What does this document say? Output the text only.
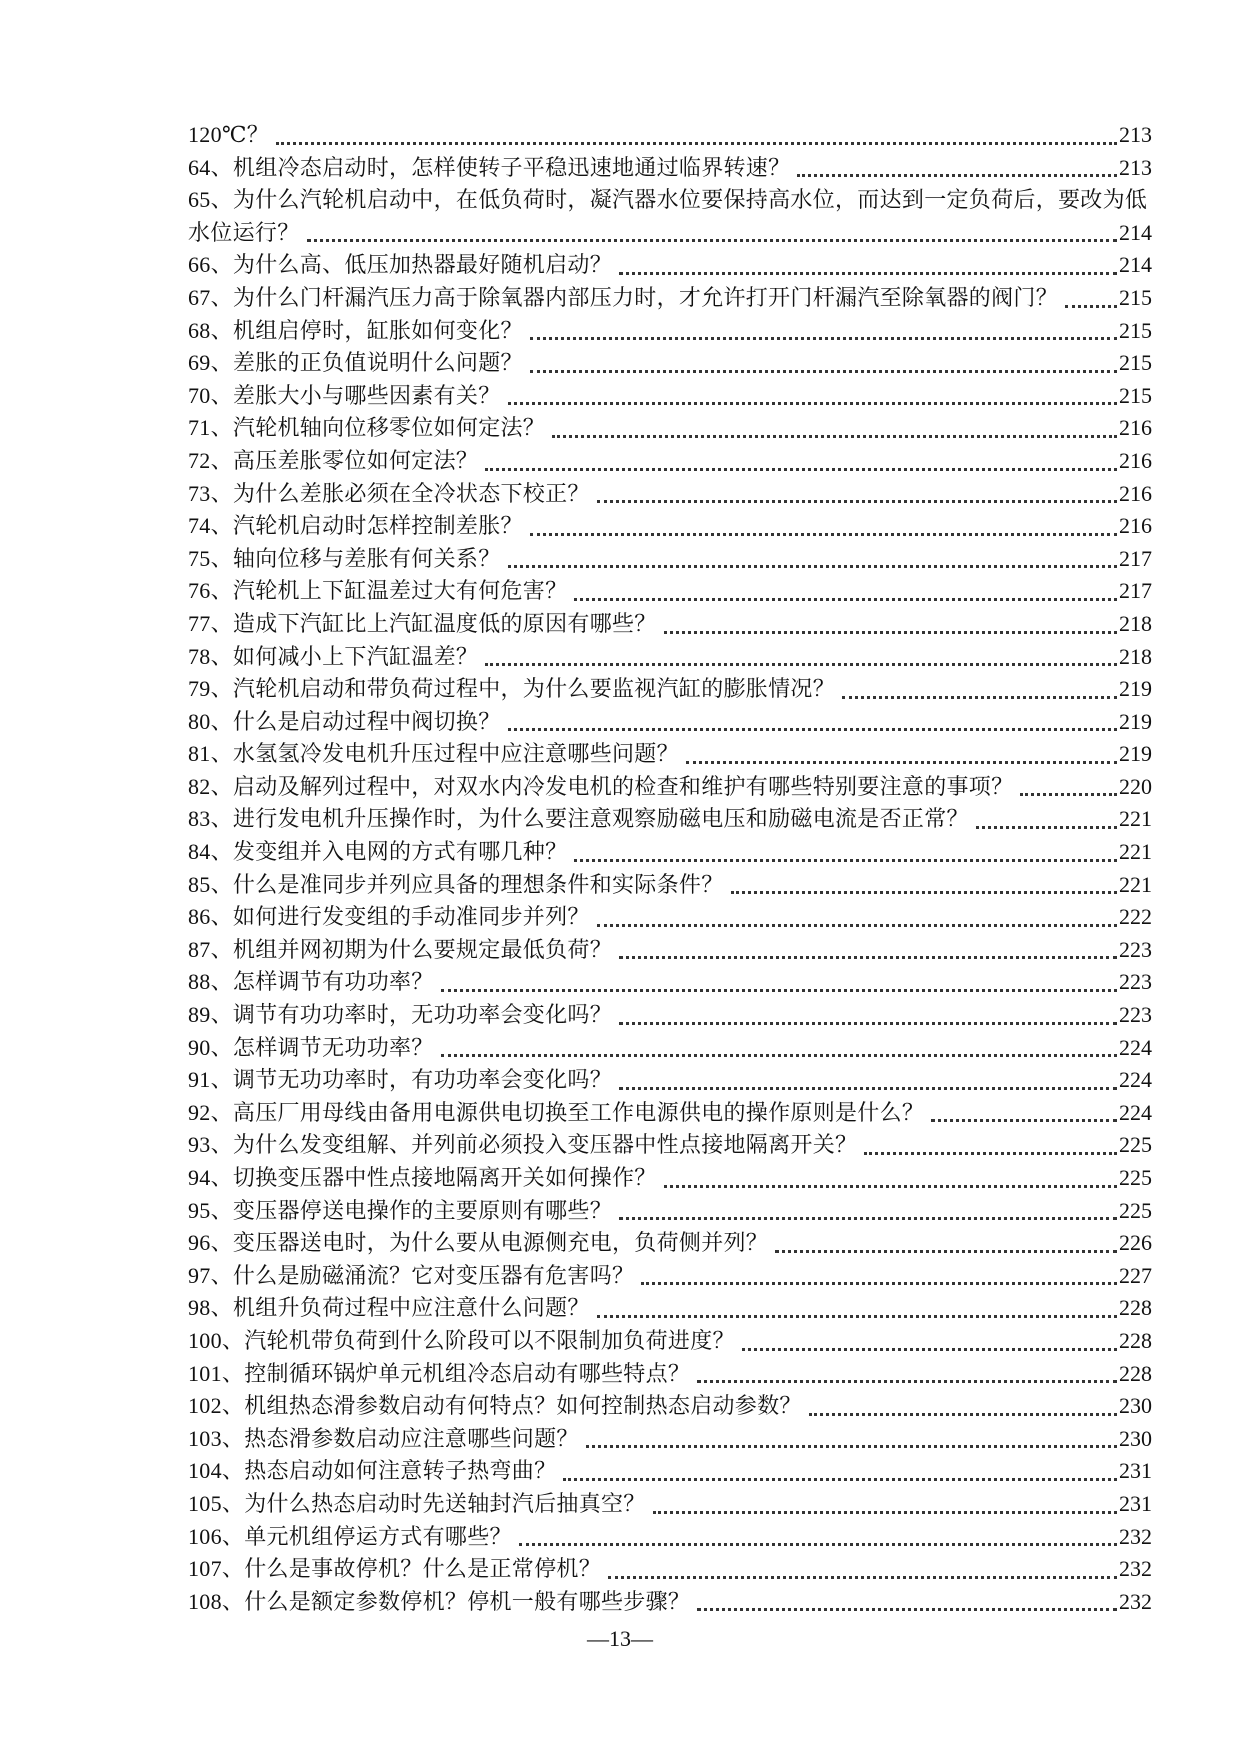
120℃？	213
64、机组冷态启动时，怎样使转子平稳迅速地通过临界转速？	213
65、为什么汽轮机启动中，在低负荷时，凝汽器水位要保持高水位，而达到一定负荷后，要改为低
水位运行？	214
66、为什么高、低压加热器最好随机启动？	214
67、为什么门杆漏汽压力高于除氧器内部压力时，才允许打开门杆漏汽至除氧器的阀门？	215
68、机组启停时，缸胀如何变化？	215
69、差胀的正负值说明什么问题？	215
70、差胀大小与哪些因素有关？	215
71、汽轮机轴向位移零位如何定法？	216
72、高压差胀零位如何定法？	216
73、为什么差胀必须在全冷状态下校正？	216
74、汽轮机启动时怎样控制差胀？	216
75、轴向位移与差胀有何关系？	217
76、汽轮机上下缸温差过大有何危害？	217
77、造成下汽缸比上汽缸温度低的原因有哪些？	218
78、如何减小上下汽缸温差？	218
79、汽轮机启动和带负荷过程中，为什么要监视汽缸的膨胀情况？	219
80、什么是启动过程中阀切换？	219
81、水氢氢冷发电机升压过程中应注意哪些问题？	219
82、启动及解列过程中，对双水内冷发电机的检查和维护有哪些特别要注意的事项？	220
83、进行发电机升压操作时，为什么要注意观察励磁电压和励磁电流是否正常？	221
84、发变组并入电网的方式有哪几种？	221
85、什么是准同步并列应具备的理想条件和实际条件？	221
86、如何进行发变组的手动准同步并列？	222
87、机组并网初期为什么要规定最低负荷？	223
88、怎样调节有功功率？	223
89、调节有功功率时，无功功率会变化吗？	223
90、怎样调节无功功率？	224
91、调节无功功率时，有功功率会变化吗？	224
92、高压厂用母线由备用电源供电切换至工作电源供电的操作原则是什么？	224
93、为什么发变组解、并列前必须投入变压器中性点接地隔离开关？	225
94、切换变压器中性点接地隔离开关如何操作？	225
95、变压器停送电操作的主要原则有哪些？	225
96、变压器送电时，为什么要从电源侧充电，负荷侧并列？	226
97、什么是励磁涌流？它对变压器有危害吗？	227
98、机组升负荷过程中应注意什么问题？	228
100、汽轮机带负荷到什么阶段可以不限制加负荷进度？	228
101、控制循环锅炉单元机组冷态启动有哪些特点？	228
102、机组热态滑参数启动有何特点？如何控制热态启动参数？	230
103、热态滑参数启动应注意哪些问题？	230
104、热态启动如何注意转子热弯曲？	231
105、为什么热态启动时先送轴封汽后抽真空？	231
106、单元机组停运方式有哪些？	232
107、什么是事故停机？什么是正常停机？	232
108、什么是额定参数停机？停机一般有哪些步骤？	232
—13—
